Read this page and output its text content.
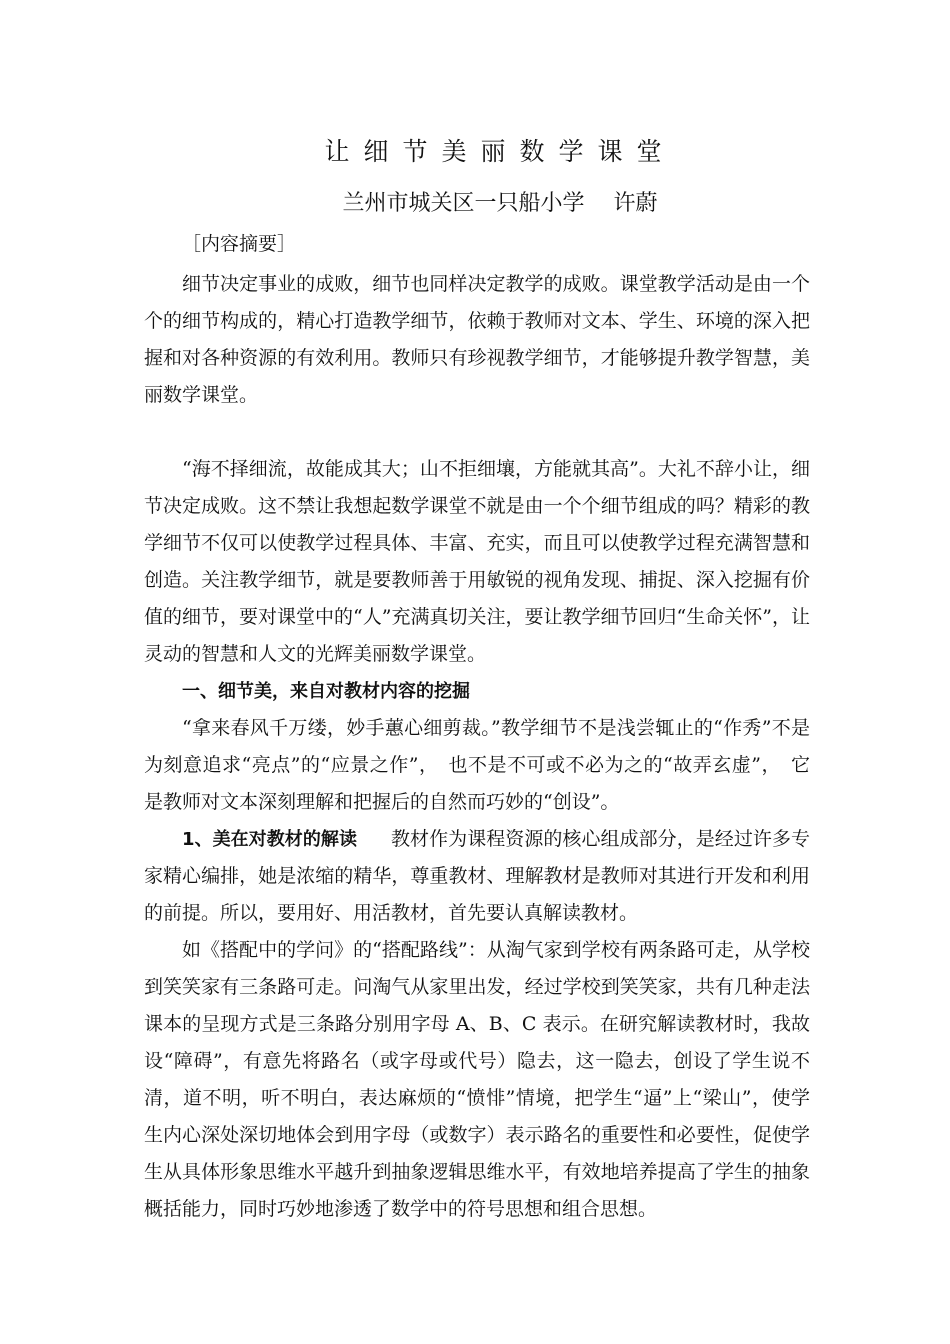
让细节美丽数学课堂
兰州市城关区一只船小学　 许蔚
［内容摘要］

细节决定事业的成败，细节也同样决定教学的成败。课堂教学活动是由一个个的细节构成的，精心打造教学细节，依赖于教师对文本、学生、环境的深入把握和对各种资源的有效利用。教师只有珍视教学细节，才能够提升教学智慧，美丽数学课堂。

“海不择细流，故能成其大；山不拒细壤，方能就其高”。大礼不辞小让，细节决定成败。这不禁让我想起数学课堂不就是由一个个细节组成的吗？精彩的教学细节不仅可以使教学过程具体、丰富、充实，而且可以使教学过程充满智慧和创造。关注教学细节，就是要教师善于用敏锐的视角发现、捕捉、深入挖掘有价值的细节，要对课堂中的“人”充满真切关注，要让教学细节回归“生命关怀”，让灵动的智慧和人文的光辉美丽数学课堂。

一、细节美，来自对教材内容的挖掘

“拿来春风千万缕，妙手蕙心细剪裁。”教学细节不是浅尝辄止的“作秀”不是为刻意追求“亮点”的“应景之作”，　也不是不可或不必为之的“故弄玄虚”，　它是教师对文本深刻理解和把握后的自然而巧妙的“创设”。

1、美在对教材的解读 教材作为课程资源的核心组成部分，是经过许多专家精心编排，她是浓缩的精华，尊重教材、理解教材是教师对其进行开发和利用的前提。所以，要用好、用活教材，首先要认真解读教材。

如《搭配中的学问》的“搭配路线”：从淘气家到学校有两条路可走，从学校到笑笑家有三条路可走。问淘气从家里出发，经过学校到笑笑家，共有几种走法课本的呈现方式是三条路分别用字母 A、B、C 表示。在研究解读教材时，我故设“障碍”，有意先将路名（或字母或代号）隐去，这一隐去，创设了学生说不清，道不明，听不明白，表达麻烦的“愤悱”情境，把学生“逼”上“梁山”，使学生内心深处深切地体会到用字母（或数字）表示路名的重要性和必要性，促使学生从具体形象思维水平越升到抽象逻辑思维水平，有效地培养提高了学生的抽象概括能力，同时巧妙地渗透了数学中的符号思想和组合思想。
